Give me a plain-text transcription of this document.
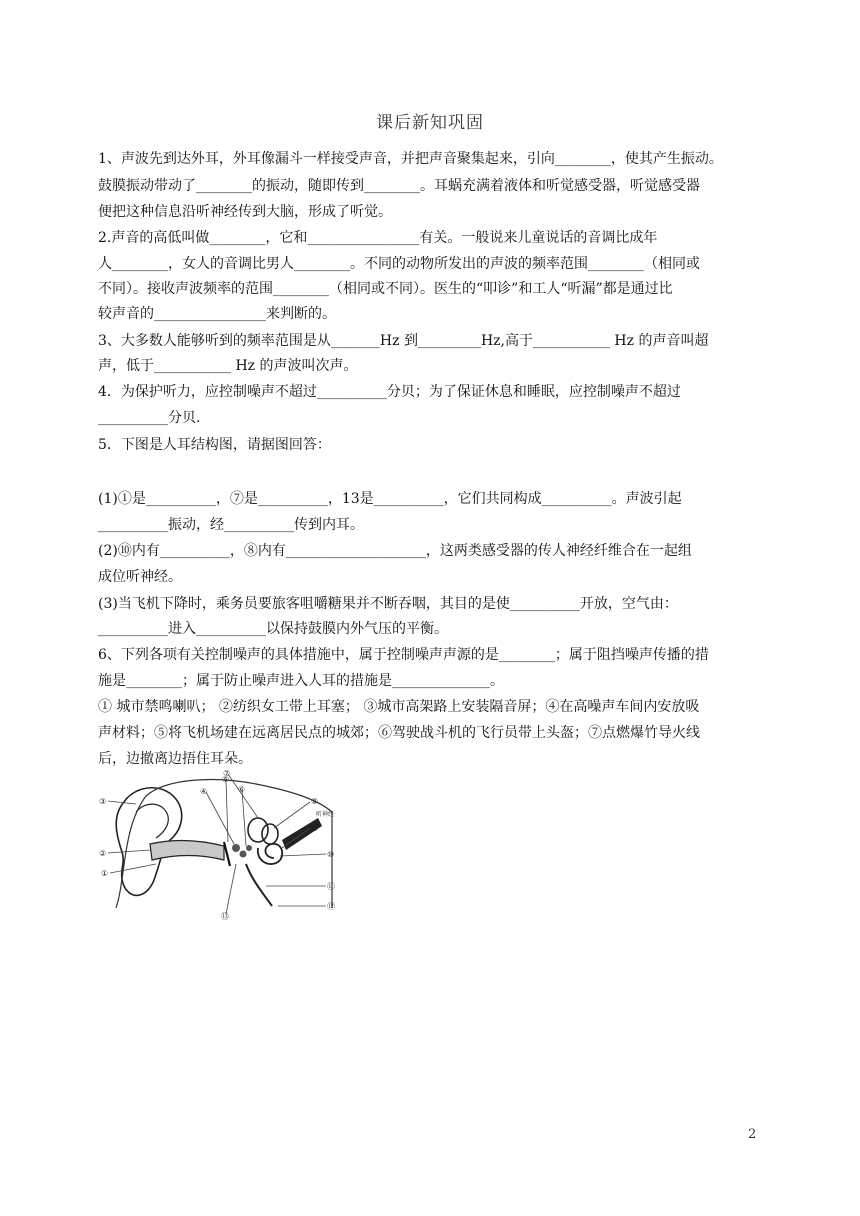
课后新知巩固
1、声波先到达外耳，外耳像漏斗一样接受声音，并把声音聚集起来，引向________，使其产生振动。
鼓膜振动带动了________的振动，随即传到________。耳蜗充满着液体和听觉感受器，听觉感受器
便把这种信息沿听神经传到大脑，形成了听觉。
2.声音的高低叫做________，它和________________有关。一般说来儿童说话的音调比成年
人________，女人的音调比男人________。不同的动物所发出的声波的频率范围________（相同或
不同）。接收声波频率的范围________（相同或不同）。医生的“叩诊”和工人“听漏”都是通过比
较声音的________________来判断的。
3、大多数人能够听到的频率范围是从_______Hz 到_________Hz,高于___________ Hz 的声音叫超
声，低于___________ Hz 的声波叫次声。
4．为保护听力，应控制噪声不超过__________分贝；为了保证休息和睡眠，应控制噪声不超过
__________分贝.
5．下图是人耳结构图，请据图回答：
(1)①是__________，⑦是__________，13是__________，它们共同构成__________。声波引起
__________振动，经__________传到内耳。
(2)⑩内有__________，⑧内有____________________，这两类感受器的传人神经纤维合在一起组
成位听神经。
(3)当飞机下降时，乘务员要旅客咀嚼糖果并不断吞咽，其目的是使__________开放，空气由：
__________进入__________以保持鼓膜内外气压的平衡。
6、下列各项有关控制噪声的具体措施中，属于控制噪声声源的是________；属于阻挡噪声传播的措
施是________；属于防止噪声进入人耳的措施是______________。
① 城市禁鸣喇叭； ②纺织女工带上耳塞； ③城市高架路上安装隔音屏；④在高噪声车间内安放吸
声材料；⑤将飞机场建在远离居民点的城郊；⑥驾驶战斗机的飞行员带上头盔；⑦点燃爆竹导火线
后，边撤离边捂住耳朵。
③
②
①
④
⑤
⑥
⑦
⑧
⑨
⑩
⑪
⑫
⑬
听神经
2
